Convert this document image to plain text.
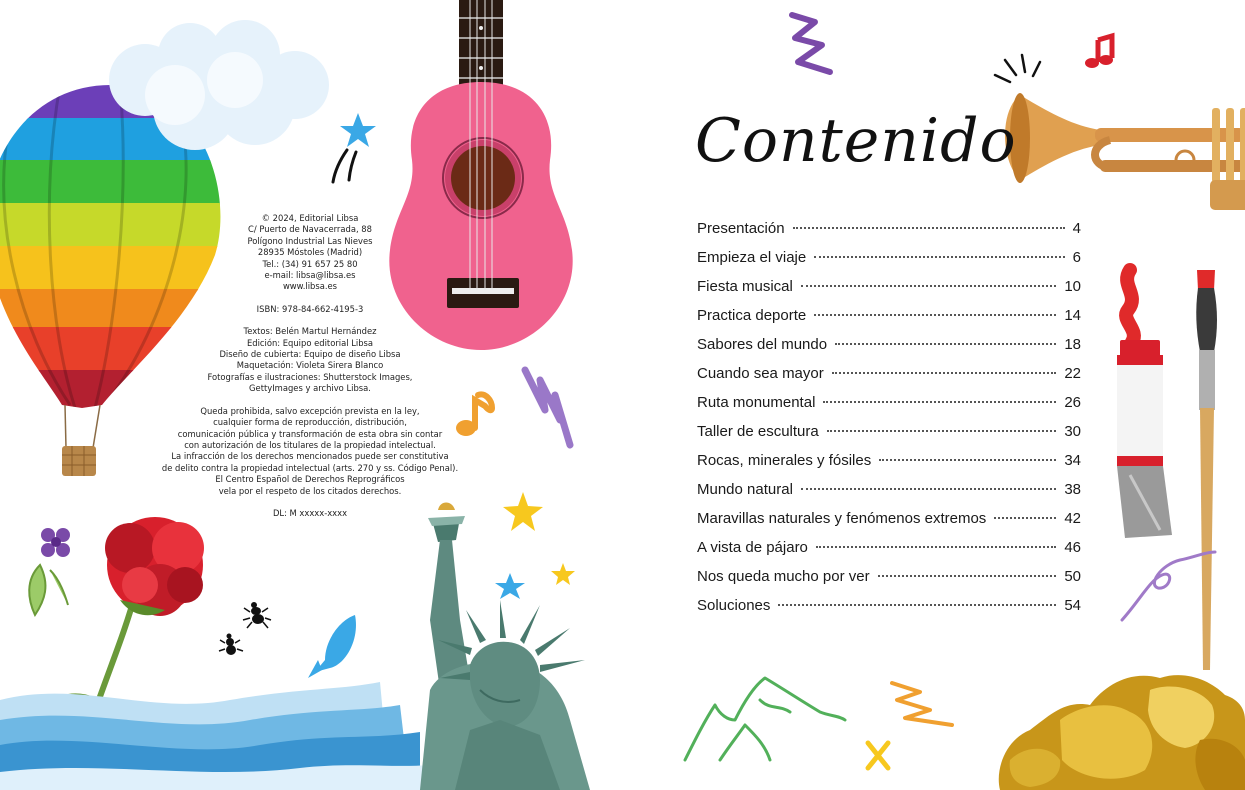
© 2024, Editorial Libsa

C/ Puerto de Navacerrada, 88

Polígono Industrial Las Nieves

28935 Móstoles (Madrid)

Tel.: (34) 91 657 25 80

e-mail: libsa@libsa.es

www.libsa.es

ISBN: 978-84-662-4195-3

Textos: Belén Martul Hernández

Edición: Equipo editorial Libsa

Diseño de cubierta: Equipo de diseño Libsa

Maquetación: Violeta Sirera Blanco

Fotografías e ilustraciones: Shutterstock Images,

GettyImages y archivo Libsa.

Queda prohibida, salvo excepción prevista en la ley,

cualquier forma de reproducción, distribución,

comunicación pública y transformación de esta obra sin contar

con autorización de los titulares de la propiedad intelectual.

La infracción de los derechos mencionados puede ser constitutiva

de delito contra la propiedad intelectual (arts. 270 y ss. Código Penal).

El Centro Español de Derechos Reprográficos

vela por el respeto de los citados derechos.

DL: M xxxxx-xxxx

Contenido
Presentación	4
Empieza el viaje	6
Fiesta musical	10
Practica deporte	14
Sabores del mundo	18
Cuando sea mayor	22
Ruta monumental	26
Taller de escultura	30
Rocas, minerales y fósiles	34
Mundo natural	38
Maravillas naturales y fenómenos extremos	42
A vista de pájaro	46
Nos queda mucho por ver	50
Soluciones	54
